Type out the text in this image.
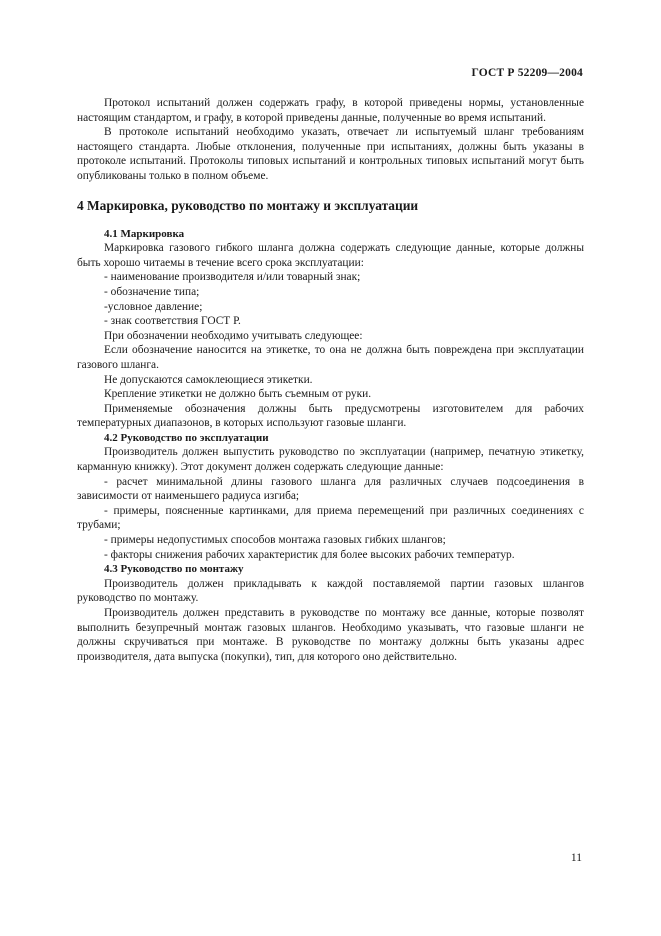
ГОСТ Р 52209—2004

Протокол испытаний должен содержать графу, в которой приведены нормы, установленные настоящим стандартом, и графу, в которой приведены данные, полученные во время испытаний.

В протоколе испытаний необходимо указать, отвечает ли испытуемый шланг требованиям настоящего стандарта. Любые отклонения, полученные при испытаниях, должны быть указаны в протоколе испытаний. Протоколы типовых испытаний и контрольных типовых испытаний могут быть опубликованы только в полном объеме.

4 Маркировка, руководство по монтажу и эксплуатации

4.1 Маркировка

Маркировка газового гибкого шланга должна содержать следующие данные, которые должны быть хорошо читаемы в течение всего срока эксплуатации:

- наименование производителя и/или товарный знак;

- обозначение типа;

-условное давление;

- знак соответствия ГОСТ Р.

При обозначении необходимо учитывать следующее:

Если обозначение наносится на этикетке, то она не должна быть повреждена при эксплуатации газового шланга.

Не допускаются самоклеющиеся этикетки.

Крепление этикетки не должно быть съемным от руки.

Применяемые обозначения должны быть предусмотрены изготовителем для рабочих температурных диапазонов, в которых используют газовые шланги.

4.2 Руководство по эксплуатации

Производитель должен выпустить руководство по эксплуатации (например, печатную этикетку, карманную книжку). Этот документ должен содержать следующие данные:

- расчет минимальной длины газового шланга для различных случаев подсоединения в зависимости от наименьшего радиуса изгиба;

- примеры, поясненные картинками, для приема перемещений при различных соединениях с трубами;

- примеры недопустимых способов монтажа газовых гибких шлангов;

- факторы снижения рабочих характеристик для более высоких рабочих температур.

4.3 Руководство по монтажу

Производитель должен прикладывать к каждой поставляемой партии газовых шлангов руководство по монтажу.

Производитель должен представить в руководстве по монтажу все данные, которые позволят выполнить безупречный монтаж газовых шлангов. Необходимо указывать, что газовые шланги не должны скручиваться при монтаже. В руководстве по монтажу должны быть указаны адрес производителя, дата выпуска (покупки), тип, для которого оно действительно.

11
